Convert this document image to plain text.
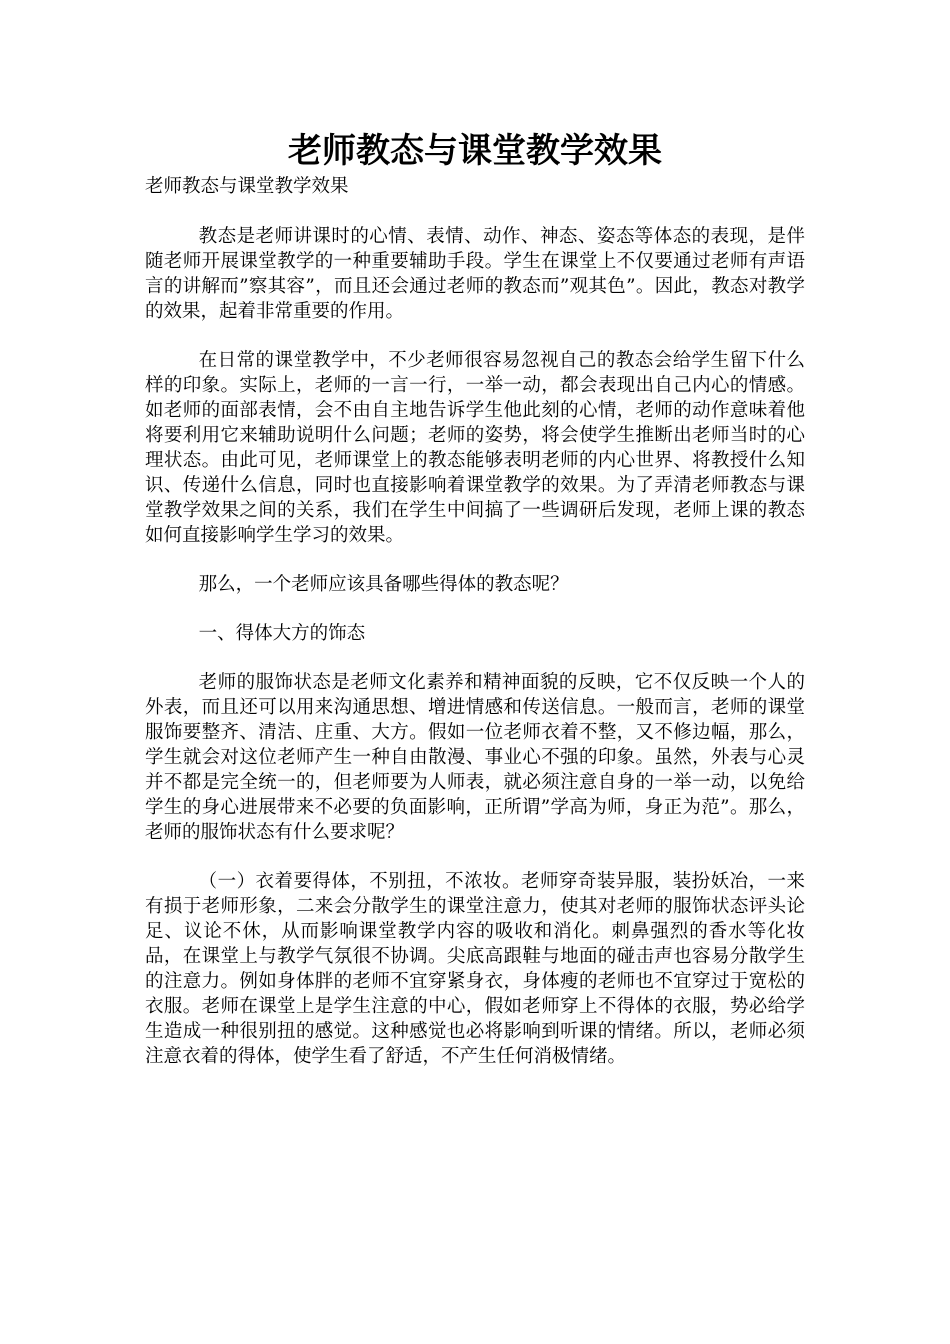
老师教态与课堂教学效果

老师教态与课堂教学效果

教态是老师讲课时的心情、表情、动作、神态、姿态等体态的表现，是伴随老师开展课堂教学的一种重要辅助手段。学生在课堂上不仅要通过老师有声语言的讲解而”察其容”，而且还会通过老师的教态而”观其色”。因此，教态对教学的效果，起着非常重要的作用。

在日常的课堂教学中，不少老师很容易忽视自己的教态会给学生留下什么样的印象。实际上，老师的一言一行，一举一动，都会表现出自己内心的情感。如老师的面部表情，会不由自主地告诉学生他此刻的心情，老师的动作意味着他将要利用它来辅助说明什么问题；老师的姿势，将会使学生推断出老师当时的心理状态。由此可见，老师课堂上的教态能够表明老师的内心世界、将教授什么知识、传递什么信息，同时也直接影响着课堂教学的效果。为了弄清老师教态与课堂教学效果之间的关系，我们在学生中间搞了一些调研后发现，老师上课的教态如何直接影响学生学习的效果。

那么，一个老师应该具备哪些得体的教态呢？

一、得体大方的饰态

老师的服饰状态是老师文化素养和精神面貌的反映，它不仅反映一个人的外表，而且还可以用来沟通思想、增进情感和传送信息。一般而言，老师的课堂服饰要整齐、清洁、庄重、大方。假如一位老师衣着不整，又不修边幅，那么，学生就会对这位老师产生一种自由散漫、事业心不强的印象。虽然，外表与心灵并不都是完全统一的，但老师要为人师表，就必须注意自身的一举一动，以免给学生的身心进展带来不必要的负面影响，正所谓”学高为师，身正为范”。那么，老师的服饰状态有什么要求呢？

（一）衣着要得体，不别扭，不浓妆。老师穿奇装异服，装扮妖冶，一来有损于老师形象，二来会分散学生的课堂注意力，使其对老师的服饰状态评头论足、议论不休，从而影响课堂教学内容的吸收和消化。刺鼻强烈的香水等化妆品，在课堂上与教学气氛很不协调。尖底高跟鞋与地面的碰击声也容易分散学生的注意力。例如身体胖的老师不宜穿紧身衣，身体瘦的老师也不宜穿过于宽松的衣服。老师在课堂上是学生注意的中心，假如老师穿上不得体的衣服，势必给学生造成一种很别扭的感觉。这种感觉也必将影响到听课的情绪。所以，老师必须注意衣着的得体，使学生看了舒适，不产生任何消极情绪。
